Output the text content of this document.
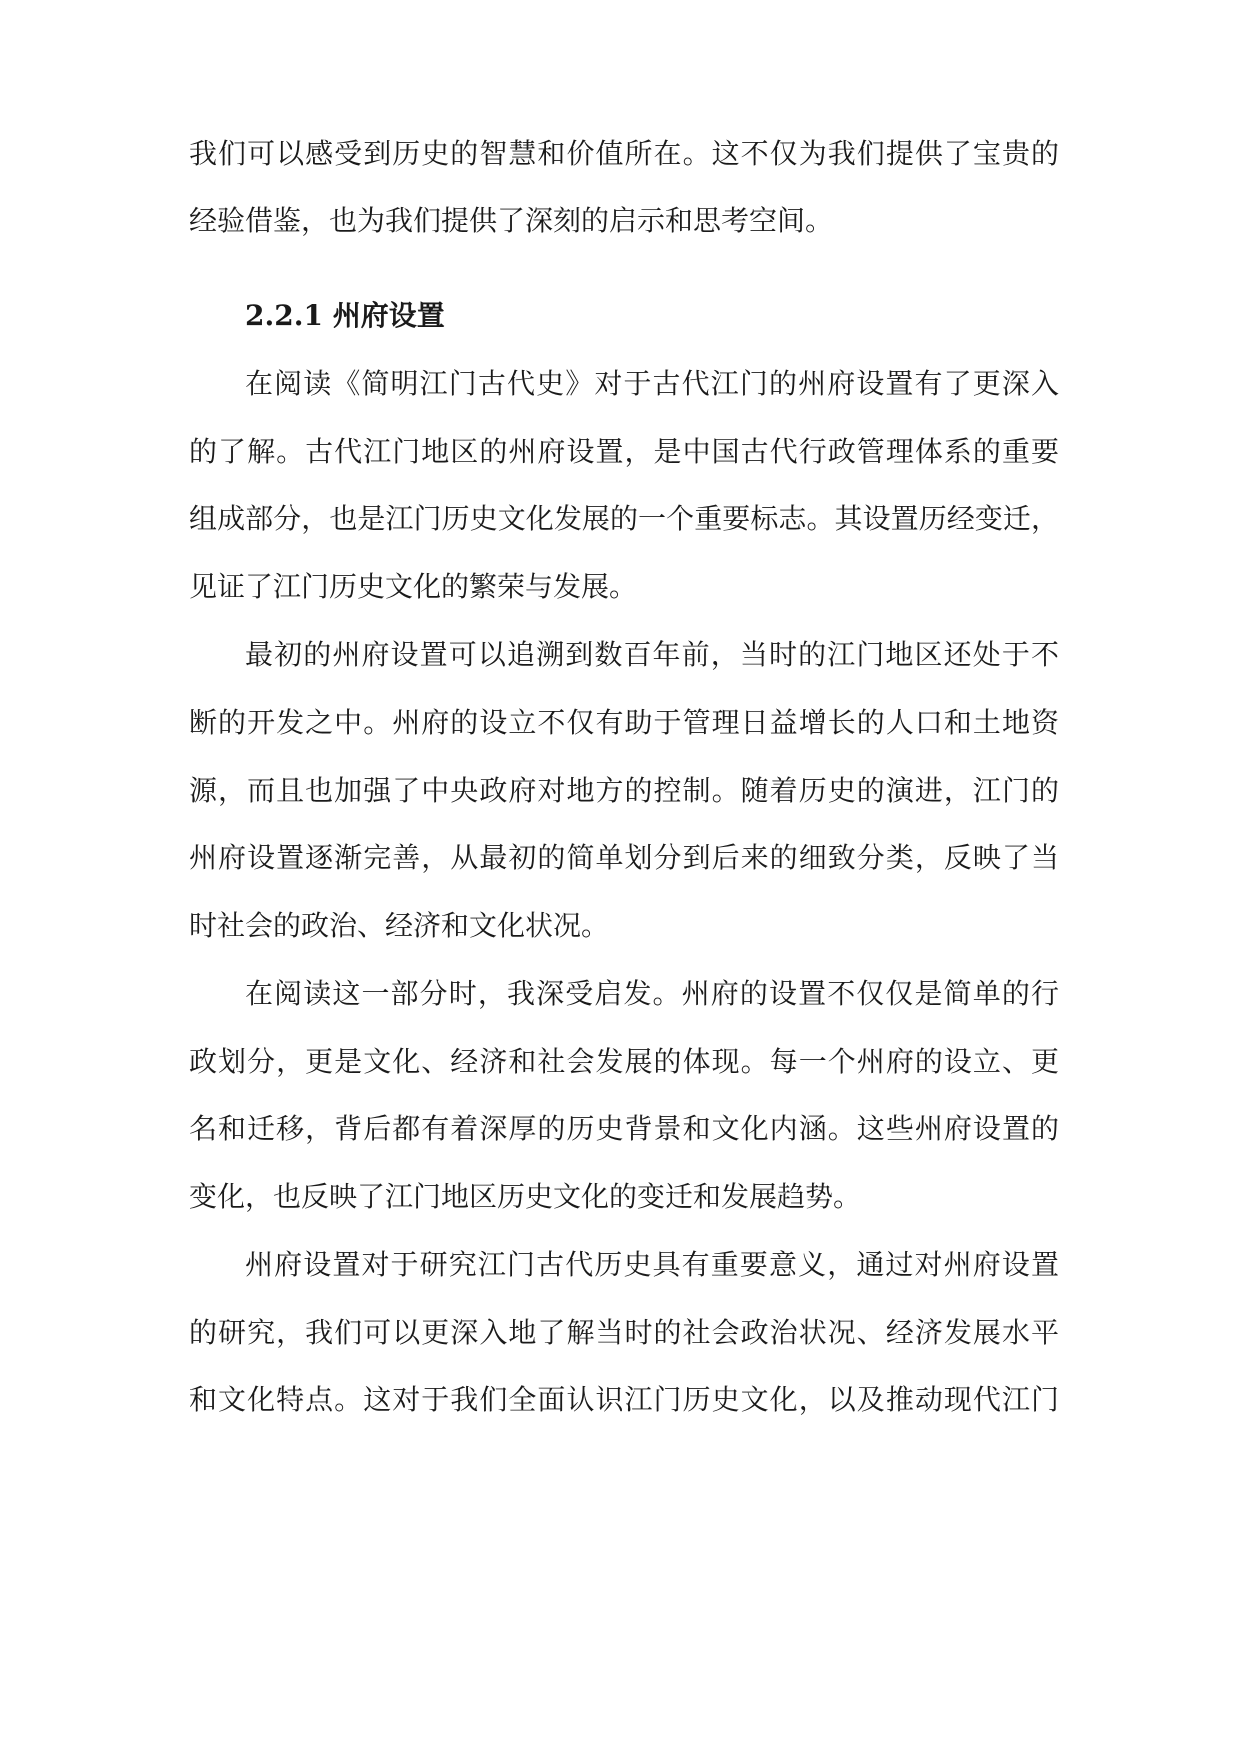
我们可以感受到历史的智慧和价值所在。这不仅为我们提供了宝贵的
经验借鉴，也为我们提供了深刻的启示和思考空间。
2.2.1 州府设置
在阅读《简明江门古代史》对于古代江门的州府设置有了更深入
的了解。古代江门地区的州府设置，是中国古代行政管理体系的重要
组成部分，也是江门历史文化发展的一个重要标志。其设置历经变迁，
见证了江门历史文化的繁荣与发展。
最初的州府设置可以追溯到数百年前，当时的江门地区还处于不
断的开发之中。州府的设立不仅有助于管理日益增长的人口和土地资
源，而且也加强了中央政府对地方的控制。随着历史的演进，江门的
州府设置逐渐完善，从最初的简单划分到后来的细致分类，反映了当
时社会的政治、经济和文化状况。
在阅读这一部分时，我深受启发。州府的设置不仅仅是简单的行
政划分，更是文化、经济和社会发展的体现。每一个州府的设立、更
名和迁移，背后都有着深厚的历史背景和文化内涵。这些州府设置的
变化，也反映了江门地区历史文化的变迁和发展趋势。
州府设置对于研究江门古代历史具有重要意义，通过对州府设置
的研究，我们可以更深入地了解当时的社会政治状况、经济发展水平
和文化特点。这对于我们全面认识江门历史文化，以及推动现代江门
